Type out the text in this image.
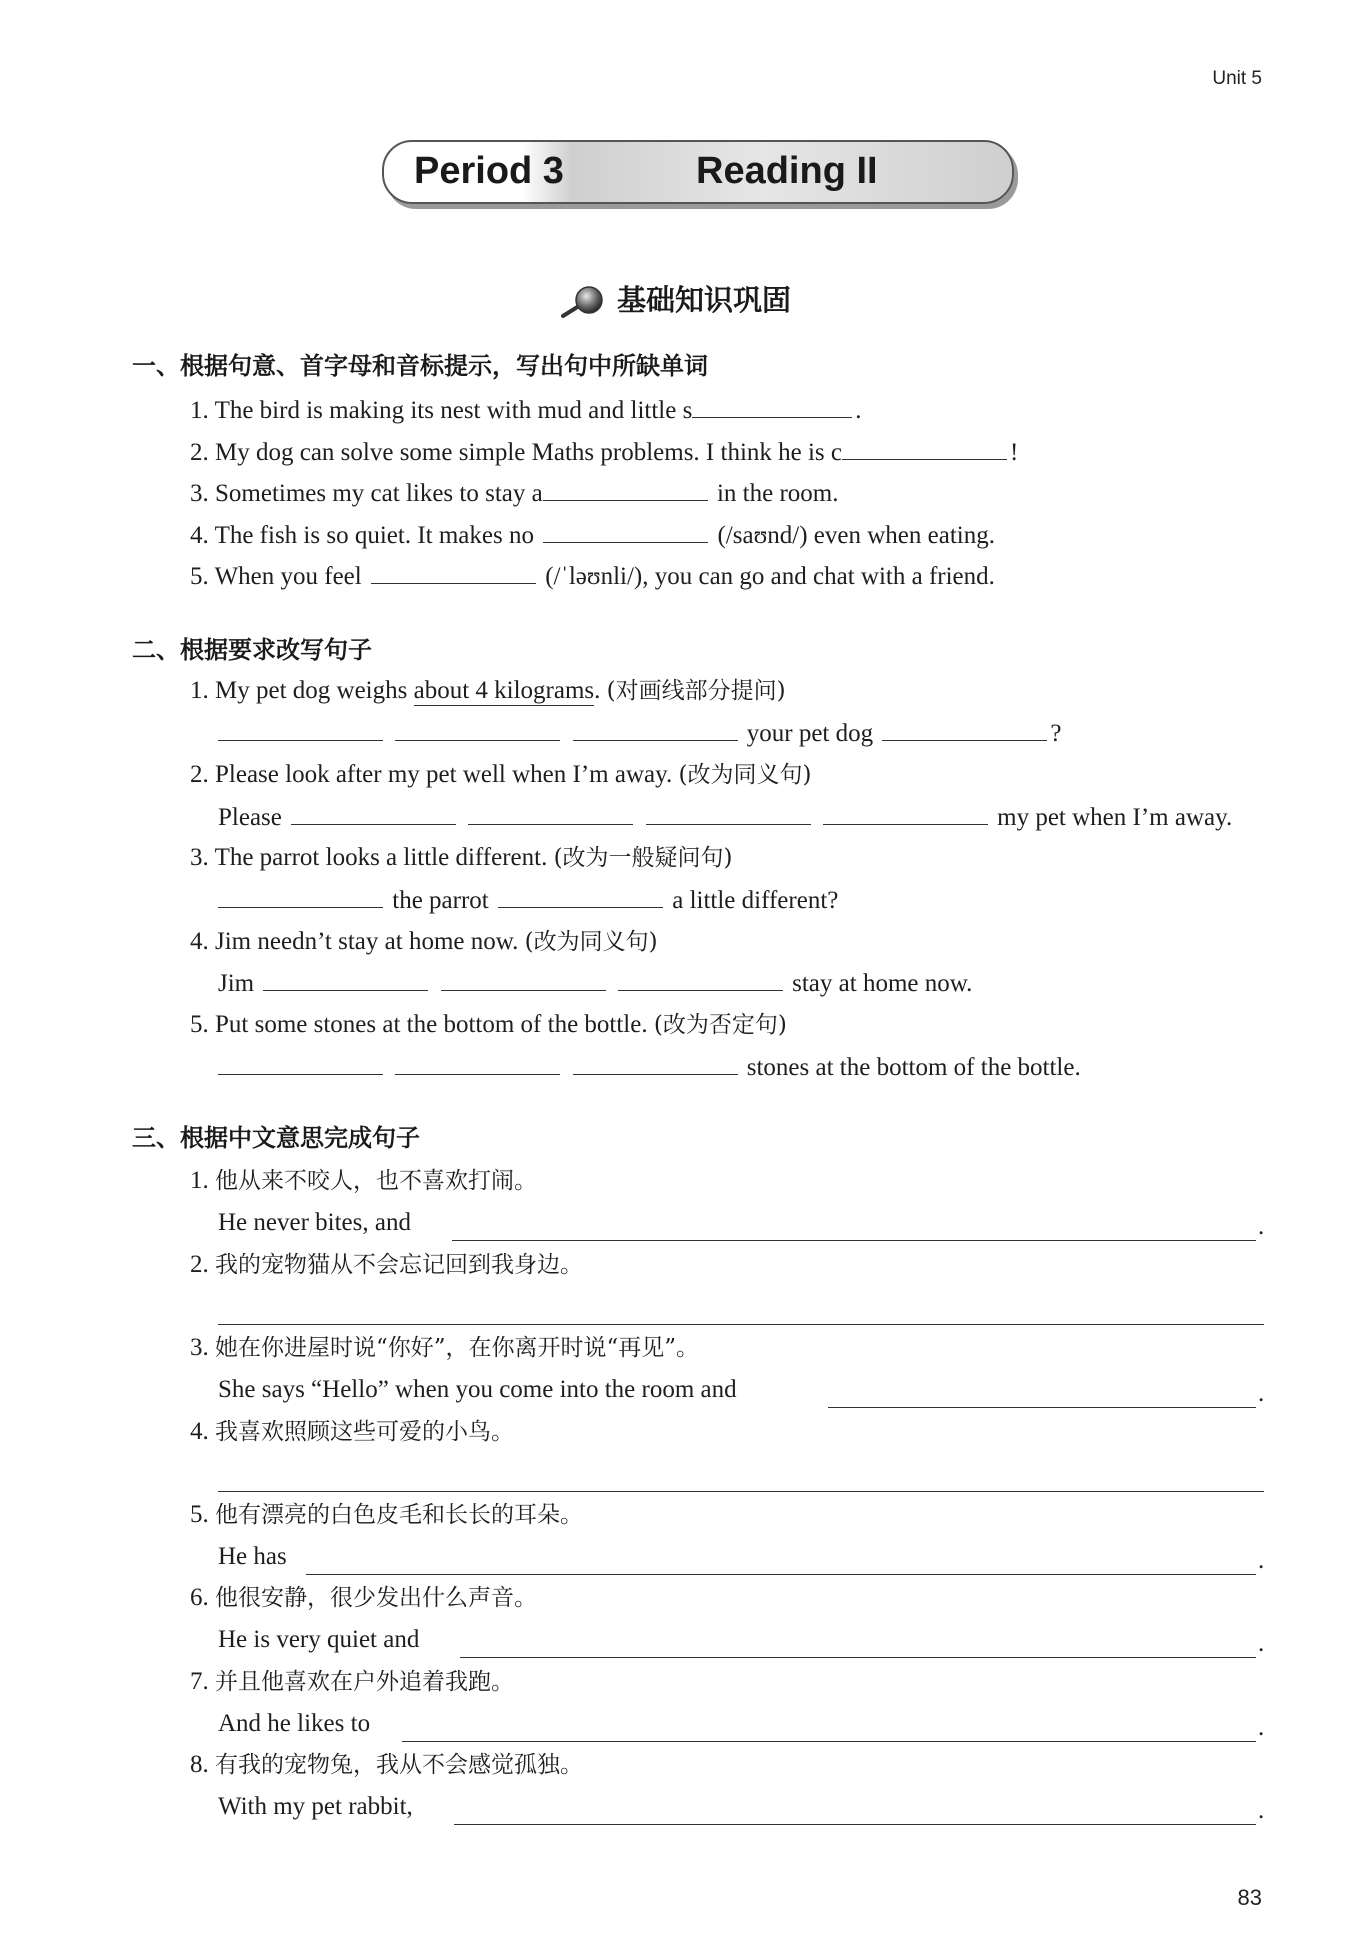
Unit 5
Period 3	Reading II
基础知识巩固
一、根据句意、首字母和音标提示，写出句中所缺单词
1. The bird is making its nest with mud and little s	.
2. My dog can solve some simple Maths problems. I think he is c	!
3. Sometimes my cat likes to stay a	in the room.
4. The fish is so quiet. It makes no	(/saʊnd/) even when eating.
5. When you feel	(/ˈləʊnli/), you can go and chat with a friend.
二、根据要求改写句子
1. My pet dog weighs about 4 kilograms. (对画线部分提问)
your pet dog	?
2. Please look after my pet well when I’m away. (改为同义句)
Please	my pet when I’m away.
3. The parrot looks a little different. (改为一般疑问句)
the parrot	a little different?
4. Jim needn’t stay at home now. (改为同义句)
Jim	stay at home now.
5. Put some stones at the bottom of the bottle. (改为否定句)
stones at the bottom of the bottle.
三、根据中文意思完成句子
1. 他从来不咬人，也不喜欢打闹。
He never bites, and	.
2. 我的宠物猫从不会忘记回到我身边。
3. 她在你进屋时说“你好”，在你离开时说“再见”。
She says “Hello” when you come into the room and	.
4. 我喜欢照顾这些可爱的小鸟。
5. 他有漂亮的白色皮毛和长长的耳朵。
He has	.
6. 他很安静，很少发出什么声音。
He is very quiet and	.
7. 并且他喜欢在户外追着我跑。
And he likes to	.
8. 有我的宠物兔，我从不会感觉孤独。
With my pet rabbit,	.
83
